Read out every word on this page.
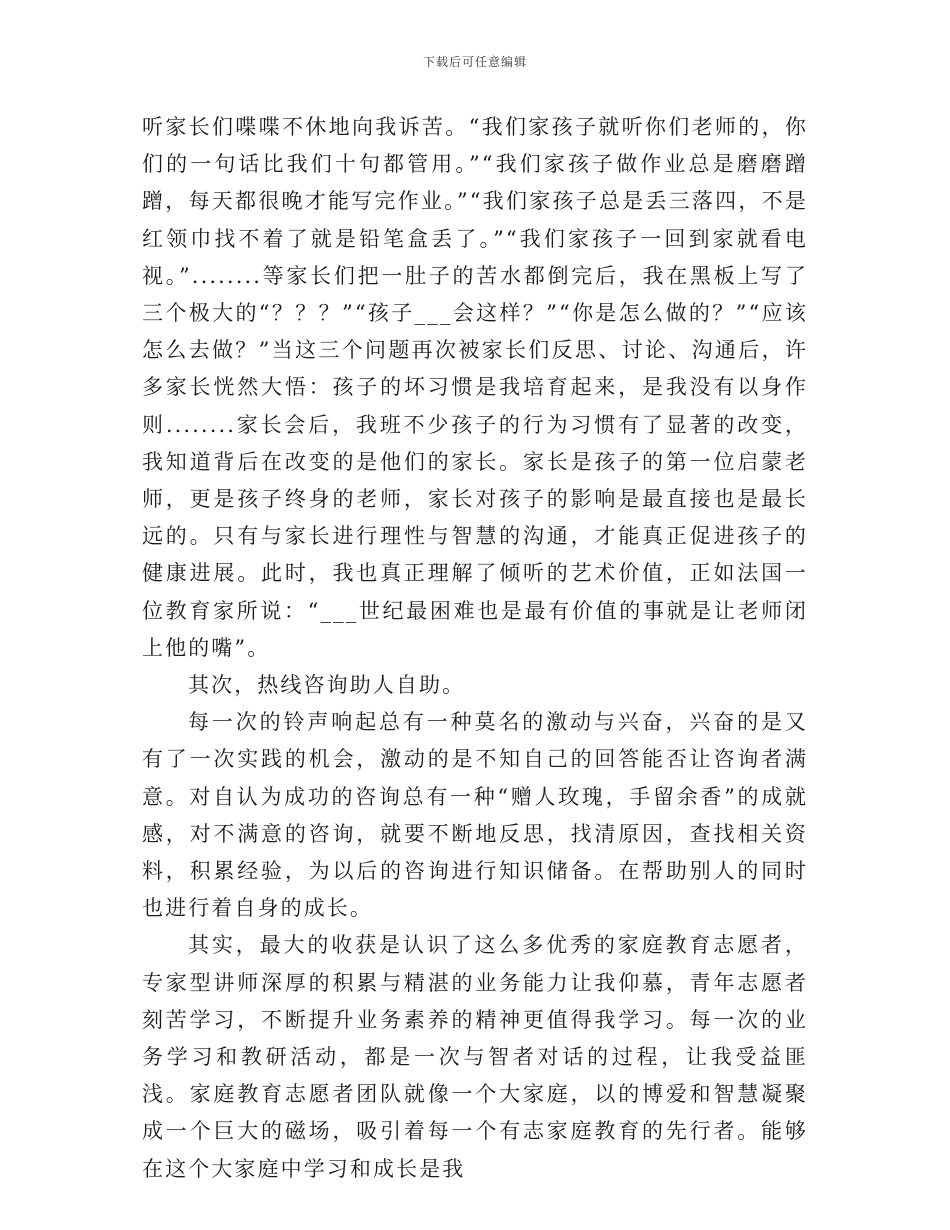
下载后可任意编辑

听家长们喋喋不休地向我诉苦。“我们家孩子就听你们老师的，你们的一句话比我们十句都管用。”“我们家孩子做作业总是磨磨蹭蹭，每天都很晚才能写完作业。”“我们家孩子总是丢三落四，不是红领巾找不着了就是铅笔盒丢了。”“我们家孩子一回到家就看电视。”........等家长们把一肚子的苦水都倒完后，我在黑板上写了三个极大的“？？？”“孩子___会这样？”“你是怎么做的？”“应该怎么去做？”当这三个问题再次被家长们反思、讨论、沟通后，许多家长恍然大悟：孩子的坏习惯是我培育起来，是我没有以身作则........家长会后，我班不少孩子的行为习惯有了显著的改变，我知道背后在改变的是他们的家长。家长是孩子的第一位启蒙老师，更是孩子终身的老师，家长对孩子的影响是最直接也是最长远的。只有与家长进行理性与智慧的沟通，才能真正促进孩子的健康进展。此时，我也真正理解了倾听的艺术价值，正如法国一位教育家所说：“___世纪最困难也是最有价值的事就是让老师闭上他的嘴”。

其次，热线咨询助人自助。

每一次的铃声响起总有一种莫名的激动与兴奋，兴奋的是又有了一次实践的机会，激动的是不知自己的回答能否让咨询者满意。对自认为成功的咨询总有一种“赠人玫瑰，手留余香”的成就感，对不满意的咨询，就要不断地反思，找清原因，查找相关资料，积累经验，为以后的咨询进行知识储备。在帮助别人的同时也进行着自身的成长。

其实，最大的收获是认识了这么多优秀的家庭教育志愿者，专家型讲师深厚的积累与精湛的业务能力让我仰慕，青年志愿者刻苦学习，不断提升业务素养的精神更值得我学习。每一次的业务学习和教研活动，都是一次与智者对话的过程，让我受益匪浅。家庭教育志愿者团队就像一个大家庭，以的博爱和智慧凝聚成一个巨大的磁场，吸引着每一个有志家庭教育的先行者。能够在这个大家庭中学习和成长是我
